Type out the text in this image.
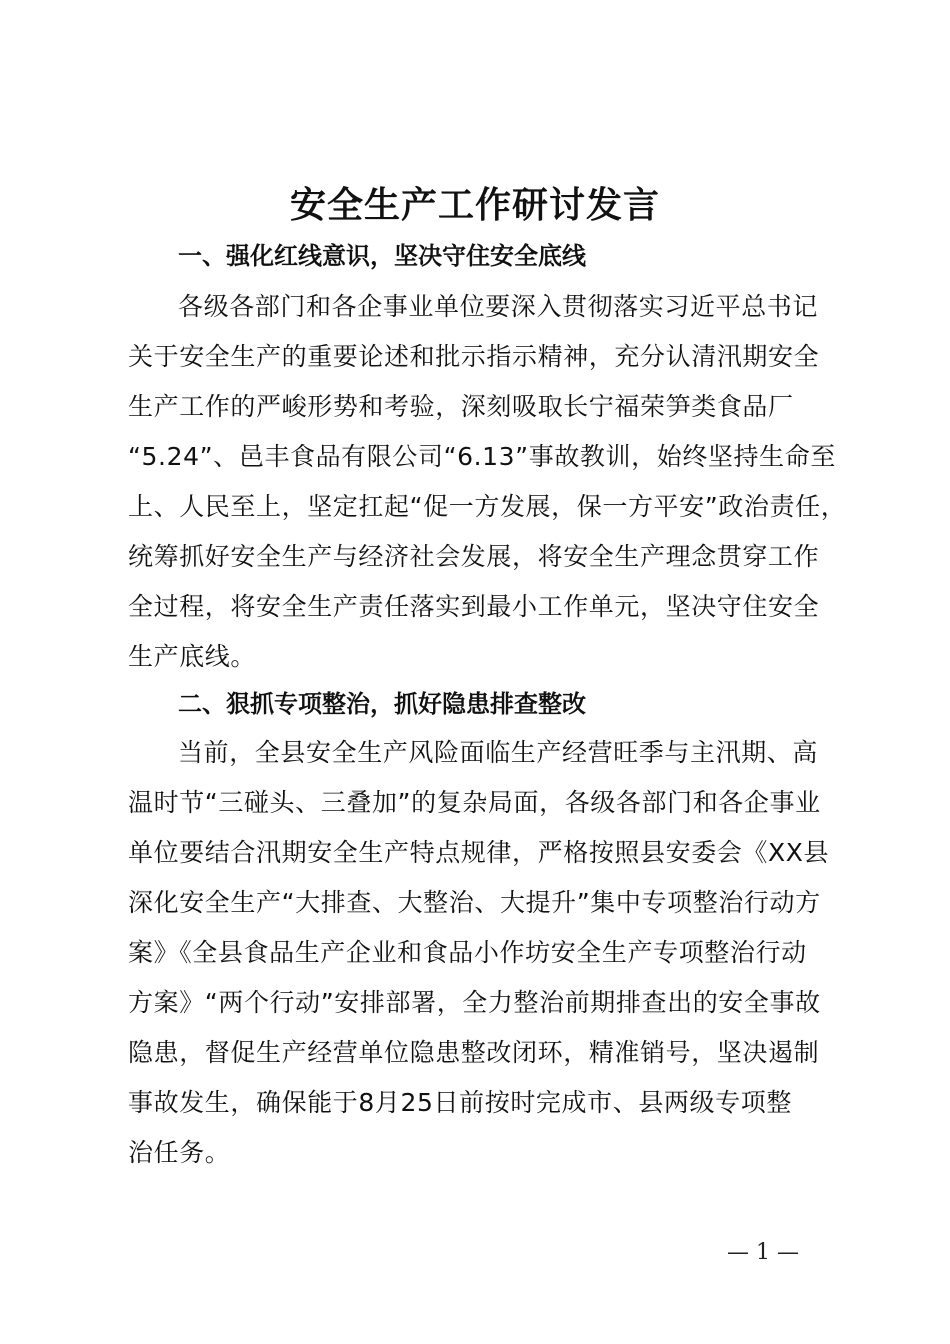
安全生产工作研讨发言
一、强化红线意识，坚决守住安全底线
各级各部门和各企事业单位要深入贯彻落实习近平总书记
关于安全生产的重要论述和批示指示精神，充分认清汛期安全
生产工作的严峻形势和考验，深刻吸取长宁福荣笋类食品厂
“5.24”、邑丰食品有限公司“6.13”事故教训，始终坚持生命至
上、人民至上，坚定扛起“促一方发展，保一方平安”政治责任，
统筹抓好安全生产与经济社会发展，将安全生产理念贯穿工作
全过程，将安全生产责任落实到最小工作单元，坚决守住安全
生产底线。
二、狠抓专项整治，抓好隐患排查整改
当前，全县安全生产风险面临生产经营旺季与主汛期、高
温时节“三碰头、三叠加”的复杂局面，各级各部门和各企事业
单位要结合汛期安全生产特点规律，严格按照县安委会《XX县
深化安全生产“大排查、大整治、大提升”集中专项整治行动方
案》《全县食品生产企业和食品小作坊安全生产专项整治行动
方案》“两个行动”安排部署，全力整治前期排查出的安全事故
隐患，督促生产经营单位隐患整改闭环，精准销号，坚决遏制
事故发生，确保能于8月25日前按时完成市、县两级专项整
治任务。
— 1 —
